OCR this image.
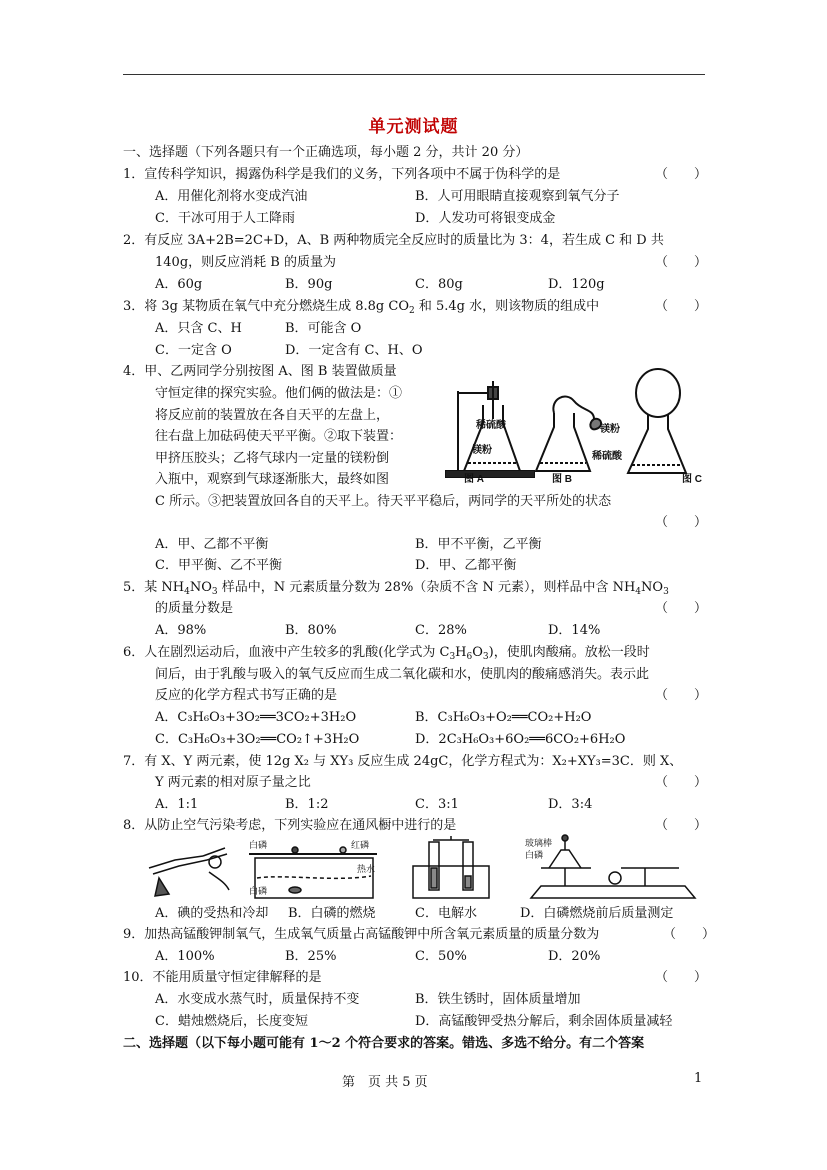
单元测试题
一、选择题（下列各题只有一个正确选项，每小题 2 分，共计 20 分）
1．宣传科学知识，揭露伪科学是我们的义务，下列各项中不属于伪科学的是	（　　）
A．用催化剂将水变成汽油	B．人可用眼睛直接观察到氧气分子
C．干冰可用于人工降雨	D．人发功可将银变成金
2．有反应 3A+2B=2C+D，A、B 两种物质完全反应时的质量比为 3：4，若生成 C 和 D 共
140g，则反应消耗 B 的质量为	（　　）
A．60g	B．90g	C．80g	D．120g
3．将 3g 某物质在氧气中充分燃烧生成 8.8g $CO_2$ 和 5.4g 水，则该物质的组成中	（　　）
A．只含 C、H	B．可能含 O
C．一定含 O	D．一定含有 C、H、O
4．甲、乙两同学分别按图 A、图 B 装置做质量
守恒定律的探究实验。他们俩的做法是：①
将反应前的装置放在各自天平的左盘上，
往右盘上加砝码使天平平衡。②取下装置：
甲挤压胶头；乙将气球内一定量的镁粉倒
入瓶中，观察到气球逐渐胀大，最终如图
C 所示。③把装置放回各自的天平上。待天平平稳后，两同学的天平所处的状态
（　　）
A．甲、乙都不平衡	B．甲不平衡，乙平衡
C．甲平衡、乙不平衡	D．甲、乙都平衡
稀硫酸
镁粉
镁粉
稀硫酸
图 A	图 B	图 C
5．某 $NH_4NO_3$ 样品中，N 元素质量分数为 28%（杂质不含 N 元素），则样品中含 $NH_4NO_3$
的质量分数是	（　　）
A．98%	B．80%	C．28%	D．14%
6．人在剧烈运动后，血液中产生较多的乳酸(化学式为 $C_3H_6O_3$)，使肌肉酸痛。放松一段时
间后，由于乳酸与吸入的氧气反应而生成二氧化碳和水，使肌肉的酸痛感消失。表示此
反应的化学方程式书写正确的是	（　　）
A．C₃H₆O₃+3O₂══3CO₂+3H₂O	B．C₃H₆O₃+O₂══CO₂+H₂O
C．C₃H₆O₃+3O₂══CO₂↑+3H₂O	D．2C₃H₆O₃+6O₂══6CO₂+6H₂O
7．有 X、Y 两元素，使 12g X₂ 与 XY₃ 反应生成 24gC，化学方程式为：X₂+XY₃=3C．则 X、
Y 两元素的相对原子量之比	（　　）
A．1:1	B．1:2	C．3:1	D．3:4
8．从防止空气污染考虑，下列实验应在通风橱中进行的是	（　　）
白磷	红磷
热水
白磷
玻璃棒
白磷
A．碘的受热和冷却 B．白磷的燃烧	C．电解水	D．白磷燃烧前后质量测定
9．加热高锰酸钾制氧气，生成氧气质量占高锰酸钾中所含氧元素质量的质量分数为	（　　）
A．100%	B．25%	C．50%	D．20%
10．不能用质量守恒定律解释的是	（　　）
A．水变成水蒸气时，质量保持不变	B．铁生锈时，固体质量增加
C．蜡烛燃烧后，长度变短	D．高锰酸钾受热分解后，剩余固体质量减轻
二、选择题（以下每小题可能有 1～2 个符合要求的答案。错选、多选不给分。有二个答案
第　页 共 5 页	1
